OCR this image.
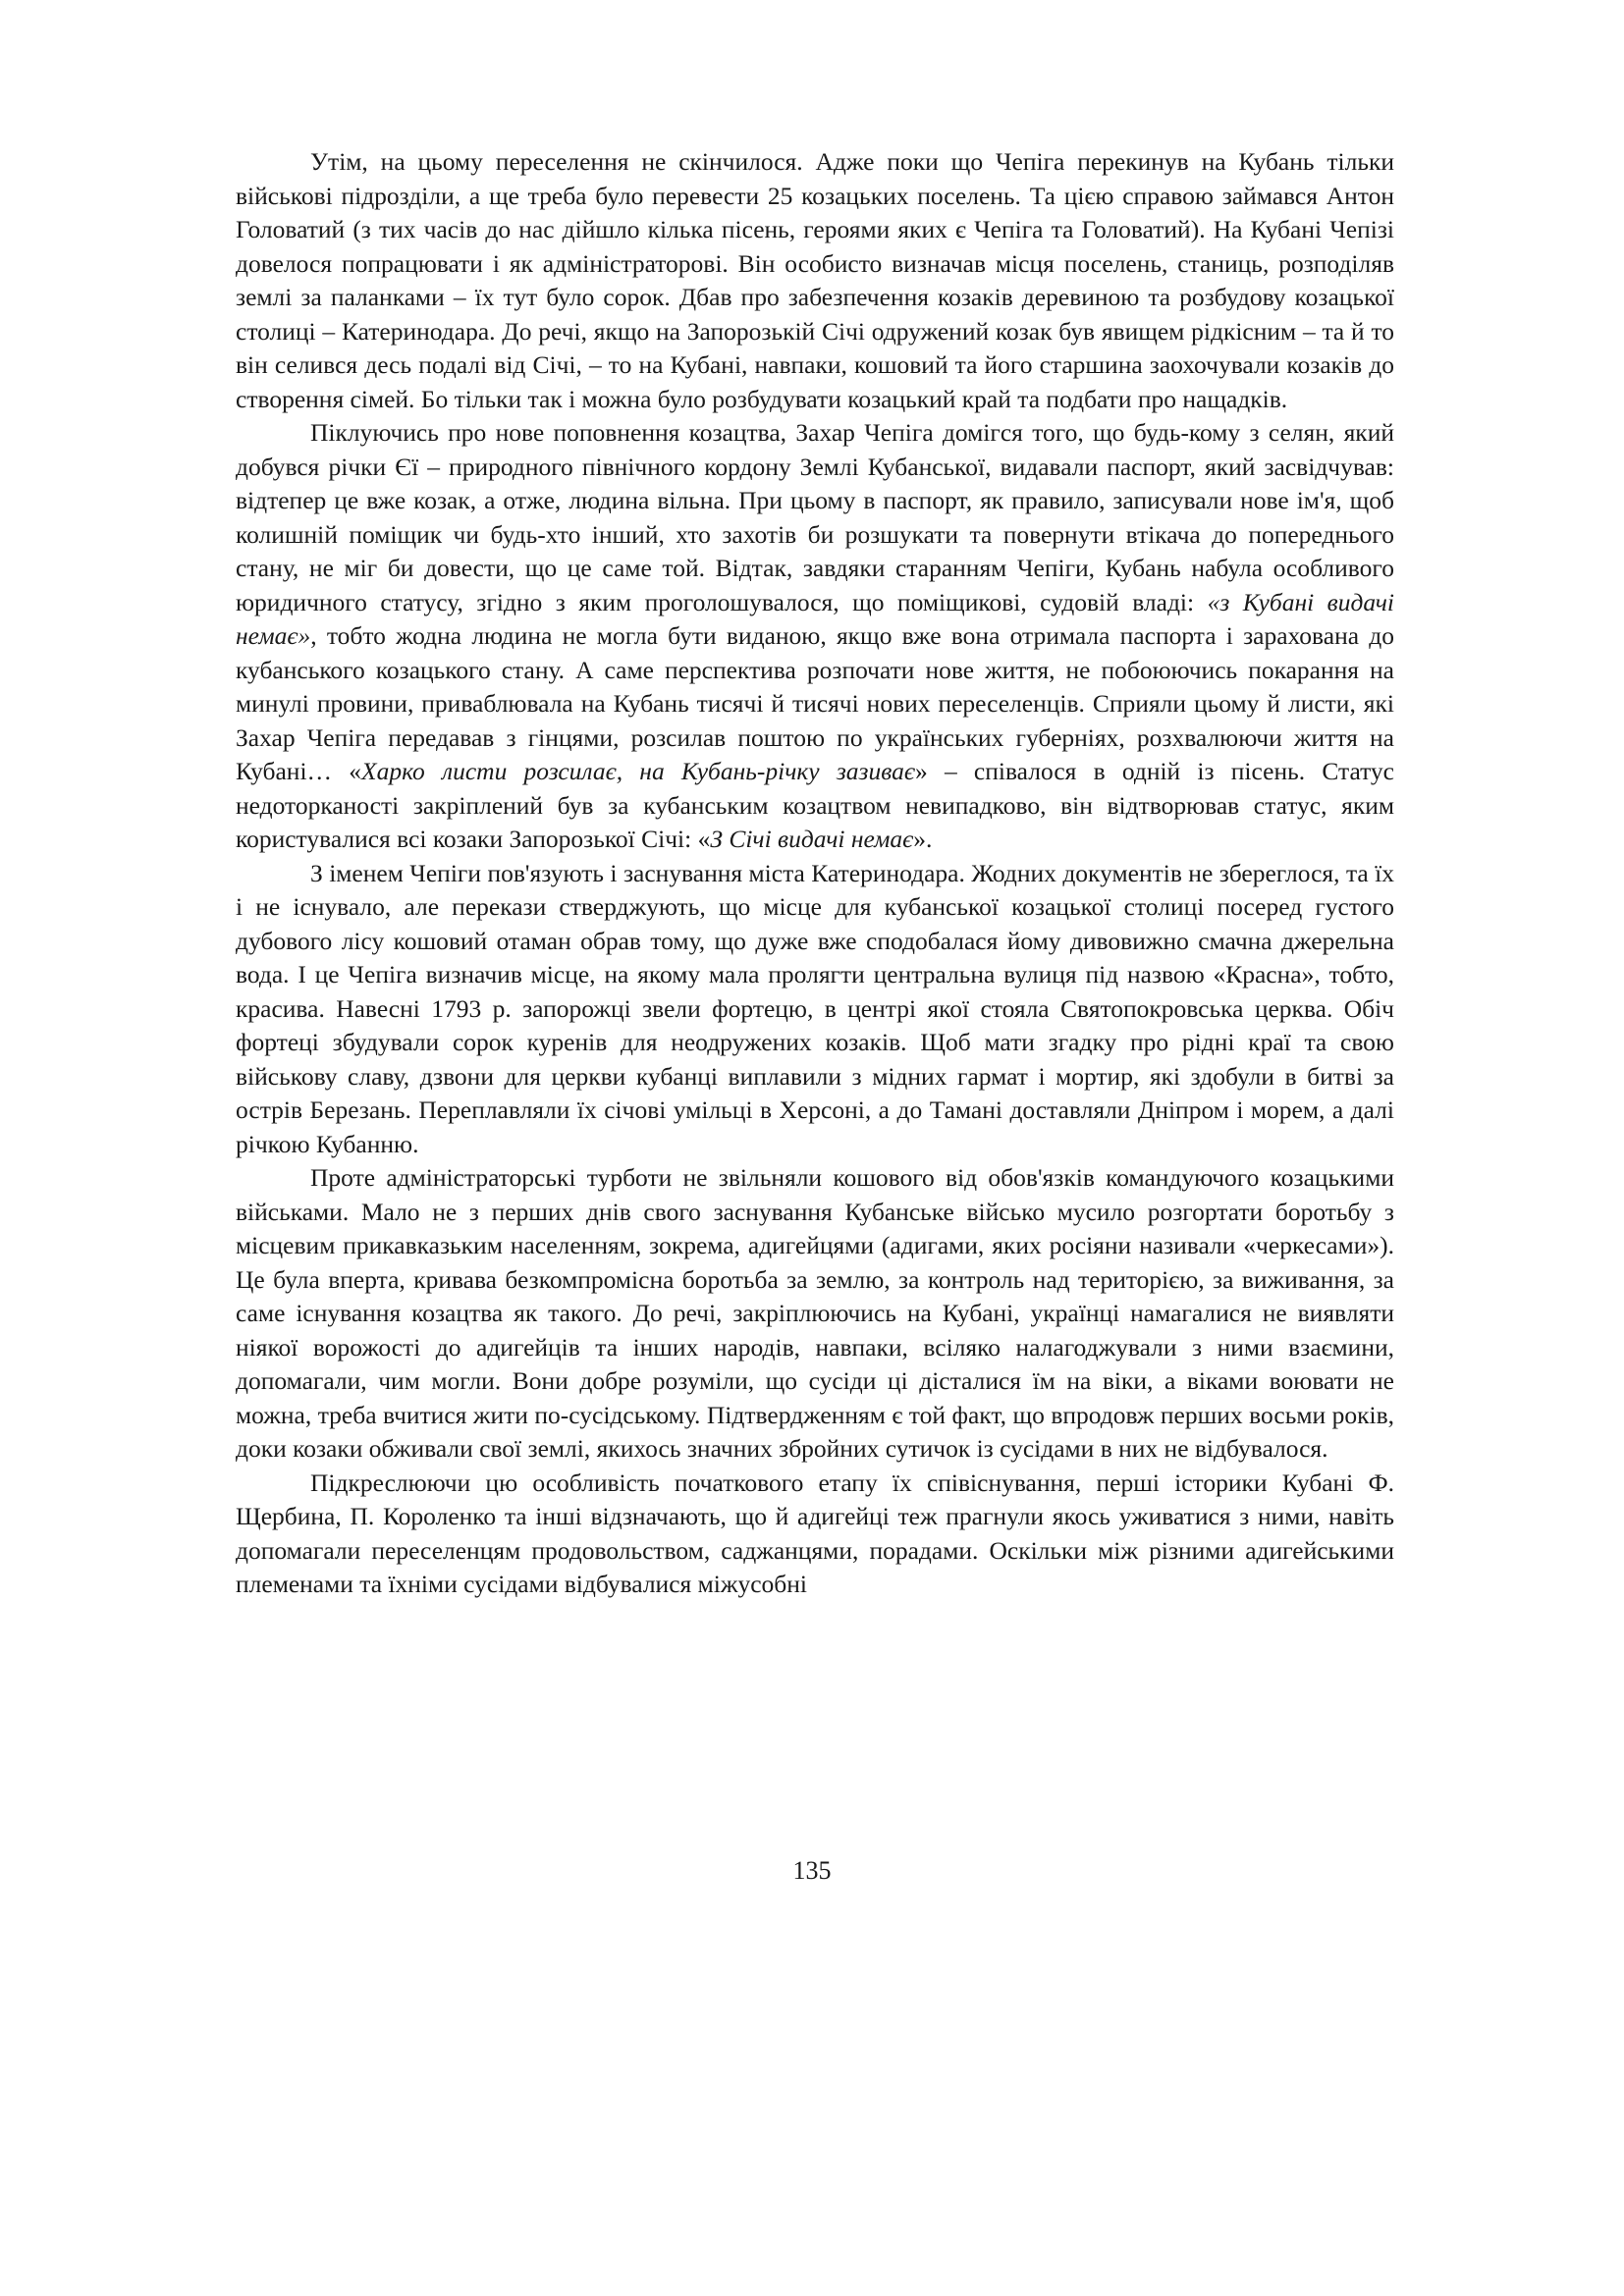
Утім, на цьому переселення не скінчилося. Адже поки що Чепіга перекинув на Кубань тільки військові підрозділи, а ще треба було перевести 25 козацьких поселень. Та цією справою займався Антон Головатий (з тих часів до нас дійшло кілька пісень, героями яких є Чепіга та Головатий). На Кубані Чепізі довелося попрацювати і як адміністраторові. Він особисто визначав місця поселень, станиць, розподіляв землі за паланками – їх тут було сорок. Дбав про забезпечення козаків деревиною та розбудову козацької столиці – Катеринодара. До речі, якщо на Запорозькій Січі одружений козак був явищем рідкісним – та й то він селився десь подалі від Січі, – то на Кубані, навпаки, кошовий та його старшина заохочували козаків до створення сімей. Бо тільки так і можна було розбудувати козацький край та подбати про нащадків.

Піклуючись про нове поповнення козацтва, Захар Чепіга домігся того, що будь-кому з селян, який добувся річки Єї – природного північного кордону Землі Кубанської, видавали паспорт, який засвідчував: відтепер це вже козак, а отже, людина вільна. При цьому в паспорт, як правило, записували нове ім'я, щоб колишній поміщик чи будь-хто інший, хто захотів би розшукати та повернути втікача до попереднього стану, не міг би довести, що це саме той. Відтак, завдяки старанням Чепіги, Кубань набула особливого юридичного статусу, згідно з яким проголошувалося, що поміщикові, судовій владі: «з Кубані видачі немає», тобто жодна людина не могла бути виданою, якщо вже вона отримала паспорта і зарахована до кубанського козацького стану. А саме перспектива розпочати нове життя, не побоюючись покарання на минулі провини, приваблювала на Кубань тисячі й тисячі нових переселенців. Сприяли цьому й листи, які Захар Чепіга передавав з гінцями, розсилав поштою по українських губерніях, розхвалюючи життя на Кубані… «Харко листи розсилає, на Кубань-річку зазиває» – співалося в одній із пісень. Статус недоторканості закріплений був за кубанським козацтвом невипадково, він відтворював статус, яким користувалися всі козаки Запорозької Січі: «З Січі видачі немає».

З іменем Чепіги пов'язують і заснування міста Катеринодара. Жодних документів не збереглося, та їх і не існувало, але перекази стверджують, що місце для кубанської козацької столиці посеред густого дубового лісу кошовий отаман обрав тому, що дуже вже сподобалася йому дивовижно смачна джерельна вода. І це Чепіга визначив місце, на якому мала пролягти центральна вулиця під назвою «Красна», тобто, красива. Навесні 1793 р. запорожці звели фортецю, в центрі якої стояла Святопокровська церква. Обіч фортеці збудували сорок куренів для неодружених козаків. Щоб мати згадку про рідні краї та свою військову славу, дзвони для церкви кубанці виплавили з мідних гармат і мортир, які здобули в битві за острів Березань. Переплавляли їх січові умільці в Херсоні, а до Тамані доставляли Дніпром і морем, а далі річкою Кубанню.

Проте адміністраторські турботи не звільняли кошового від обов'язків командуючого козацькими військами. Мало не з перших днів свого заснування Кубанське військо мусило розгортати боротьбу з місцевим прикавказьким населенням, зокрема, адигейцями (адигами, яких росіяни називали «черкесами»). Це була вперта, кривава безкомпромісна боротьба за землю, за контроль над територією, за виживання, за саме існування козацтва як такого. До речі, закріплюючись на Кубані, українці намагалися не виявляти ніякої ворожості до адигейців та інших народів, навпаки, всіляко налагоджували з ними взаємини, допомагали, чим могли. Вони добре розуміли, що сусіди ці дісталися їм на віки, а віками воювати не можна, треба вчитися жити по-сусідському. Підтвердженням є той факт, що впродовж перших восьми років, доки козаки обживали свої землі, якихось значних збройних сутичок із сусідами в них не відбувалося.

Підкреслюючи цю особливість початкового етапу їх співіснування, перші історики Кубані Ф. Щербина, П. Короленко та інші відзначають, що й адигейці теж прагнули якось уживатися з ними, навіть допомагали переселенцям продовольством, саджанцями, порадами. Оскільки між різними адигейськими племенами та їхніми сусідами відбувалися міжусобні

135
